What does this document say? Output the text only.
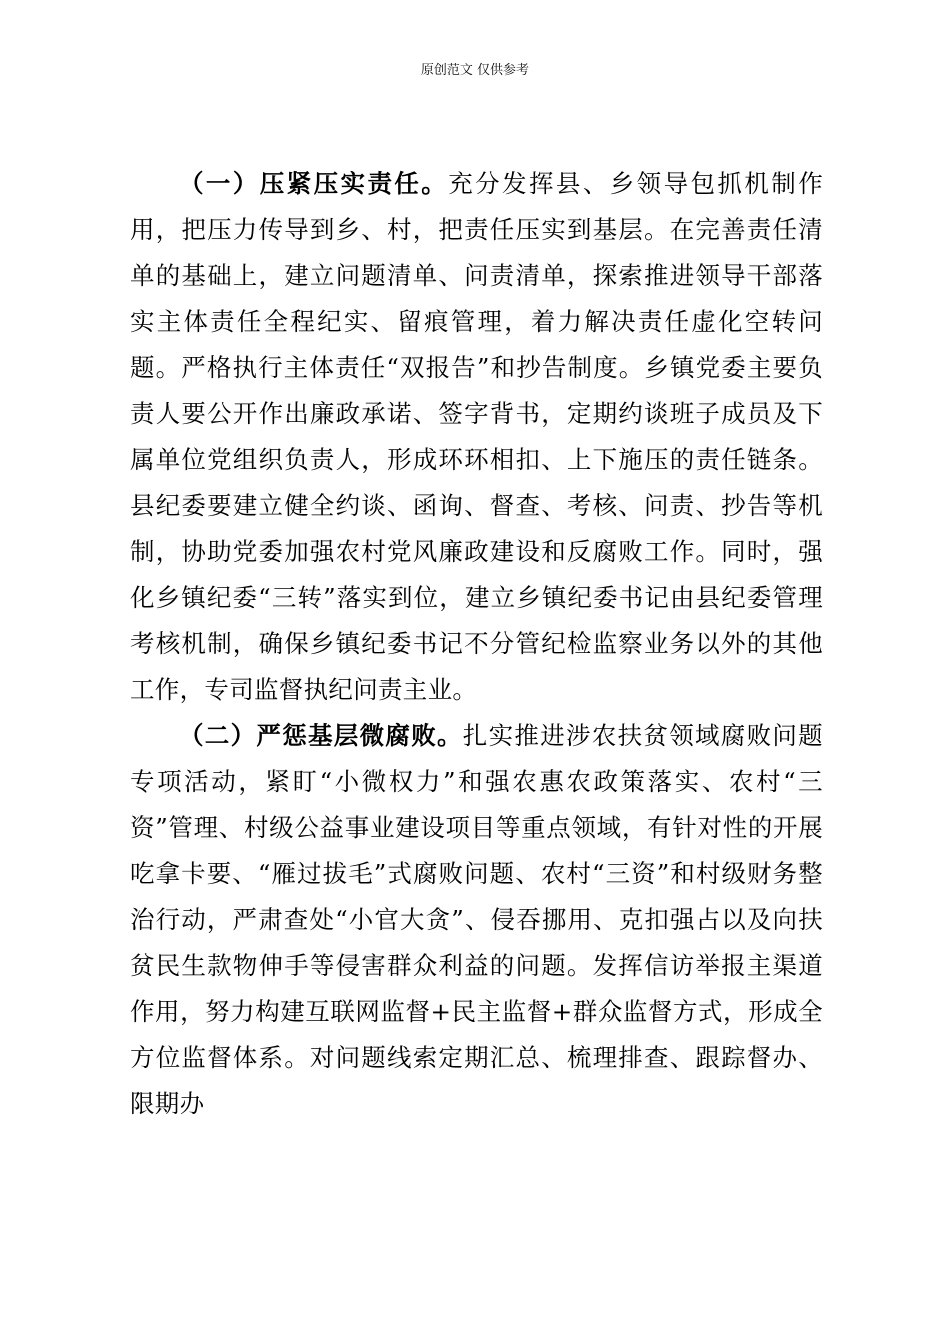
原创范文 仅供参考

（一）压紧压实责任。充分发挥县、乡领导包抓机制作用，把压力传导到乡、村，把责任压实到基层。在完善责任清单的基础上，建立问题清单、问责清单，探索推进领导干部落实主体责任全程纪实、留痕管理，着力解决责任虚化空转问题。严格执行主体责任“双报告”和抄告制度。乡镇党委主要负责人要公开作出廉政承诺、签字背书，定期约谈班子成员及下属单位党组织负责人，形成环环相扣、上下施压的责任链条。县纪委要建立健全约谈、函询、督查、考核、问责、抄告等机制，协助党委加强农村党风廉政建设和反腐败工作。同时，强化乡镇纪委“三转”落实到位，建立乡镇纪委书记由县纪委管理考核机制，确保乡镇纪委书记不分管纪检监察业务以外的其他工作，专司监督执纪问责主业。

（二）严惩基层微腐败。扎实推进涉农扶贫领域腐败问题专项活动，紧盯“小微权力”和强农惠农政策落实、农村“三资”管理、村级公益事业建设项目等重点领域，有针对性的开展吃拿卡要、“雁过拔毛”式腐败问题、农村“三资”和村级财务整治行动，严肃查处“小官大贪”、侵吞挪用、克扣强占以及向扶贫民生款物伸手等侵害群众利益的问题。发挥信访举报主渠道作用，努力构建互联网监督+民主监督+群众监督方式，形成全方位监督体系。对问题线索定期汇总、梳理排查、跟踪督办、限期办
